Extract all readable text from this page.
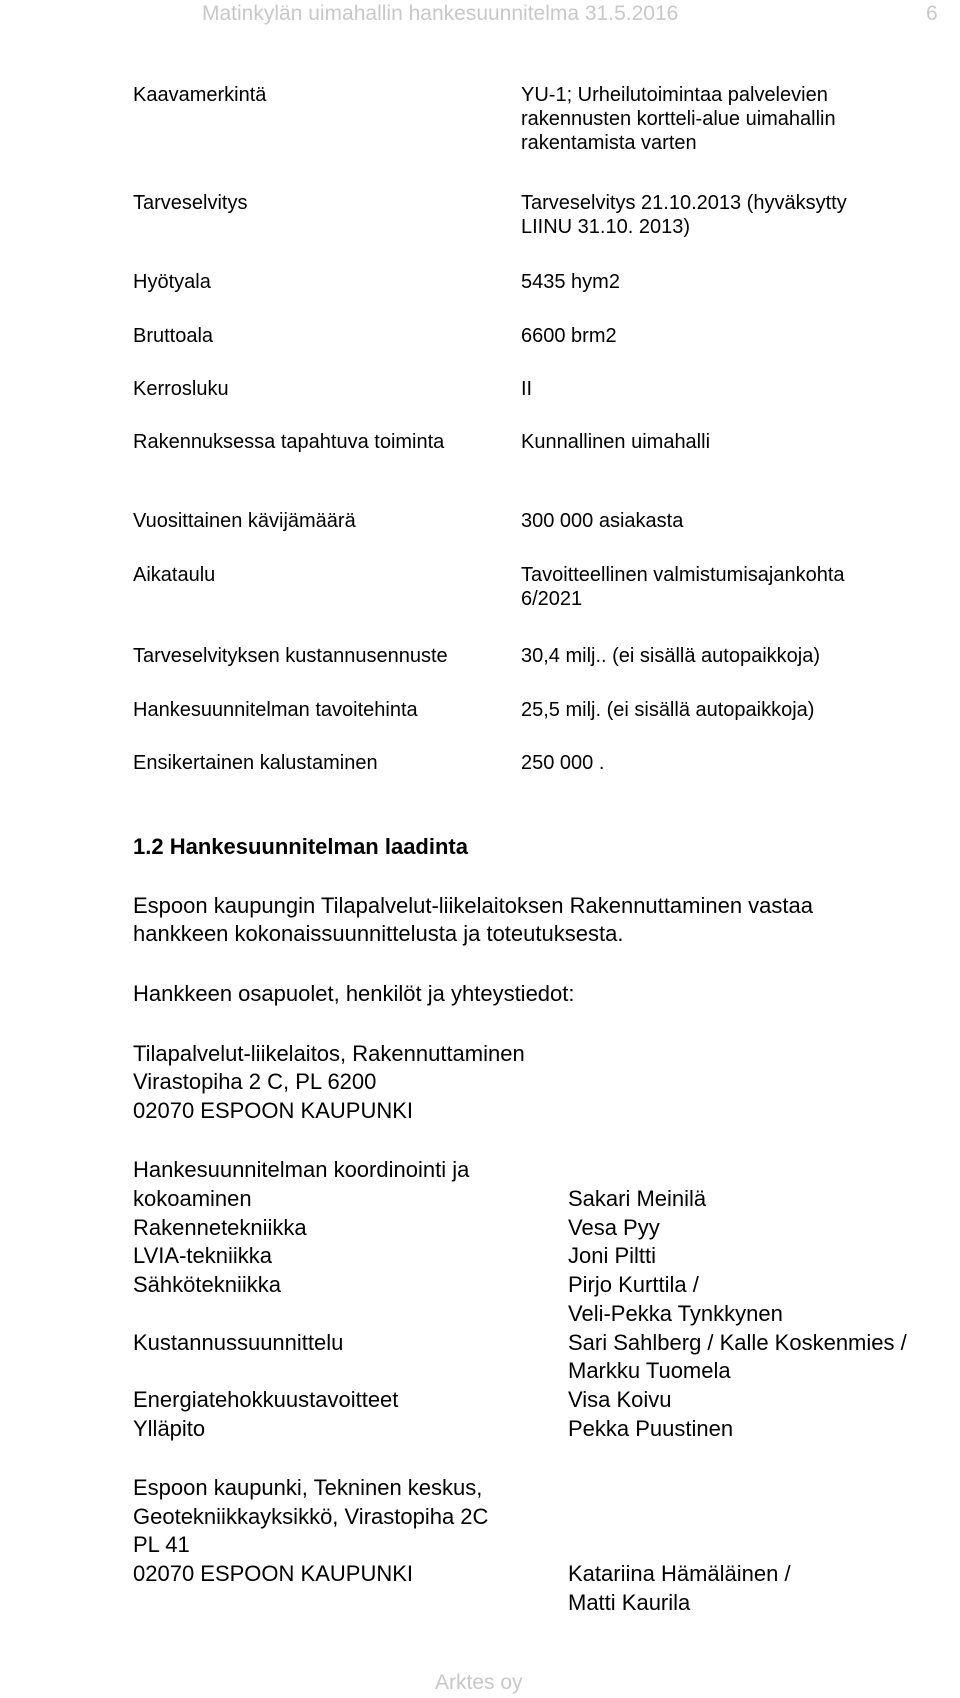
Matinkylän uimahallin hankesuunnitelma 31.5.2016	6
Kaavamerkintä	YU-1; Urheilutoimintaa palvelevien
rakennusten kortteli-alue uimahallin
rakentamista varten
Tarveselvitys	Tarveselvitys 21.10.2013 (hyväksytty
LIINU 31.10. 2013)
Hyötyala	5435 hym2
Bruttoala	6600 brm2
Kerrosluku	II
Rakennuksessa tapahtuva toiminta	Kunnallinen uimahalli
Vuosittainen kävijämäärä	300 000 asiakasta
Aikataulu	Tavoitteellinen valmistumisajankohta
6/2021
Tarveselvityksen kustannusennuste	30,4 milj.. (ei sisällä autopaikkoja)
Hankesuunnitelman tavoitehinta	25,5 milj. (ei sisällä autopaikkoja)
Ensikertainen kalustaminen	250 000 .
1.2 Hankesuunnitelman laadinta
Espoon kaupungin Tilapalvelut-liikelaitoksen Rakennuttaminen vastaa
hankkeen kokonaissuunnittelusta ja toteutuksesta.
Hankkeen osapuolet, henkilöt ja yhteystiedot:
Tilapalvelut-liikelaitos, Rakennuttaminen
Virastopiha 2 C, PL 6200
02070 ESPOON KAUPUNKI
Hankesuunnitelman koordinointi ja
kokoaminen	Sakari Meinilä
Rakennetekniikka	Vesa Pyy
LVIA-tekniikka	Joni Piltti
Sähkötekniikka	Pirjo Kurttila /
Veli-Pekka Tynkkynen
Kustannussuunnittelu	Sari Sahlberg / Kalle Koskenmies /
Markku Tuomela
Energiatehokkuustavoitteet	Visa Koivu
Ylläpito	Pekka Puustinen
Espoon kaupunki, Tekninen keskus,
Geotekniikkayksikkö, Virastopiha 2C
PL 41
02070 ESPOON KAUPUNKI	Katariina Hämäläinen /
Matti Kaurila
Arktes oy
